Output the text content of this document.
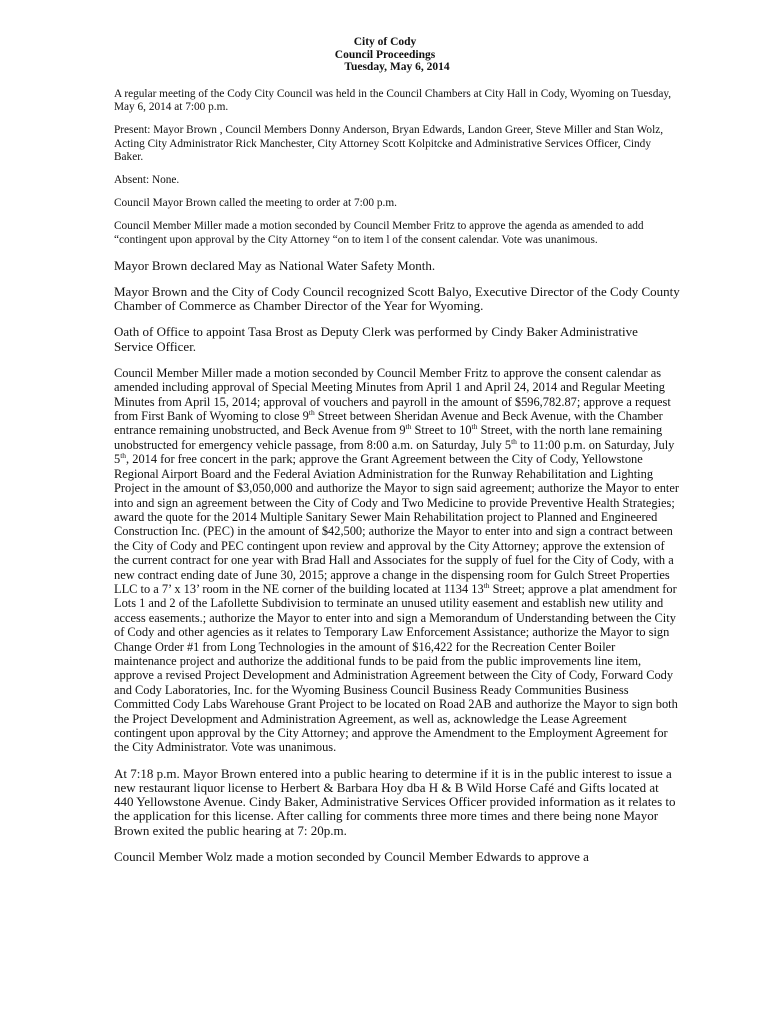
City of Cody
Council Proceedings
Tuesday, May 6, 2014

A regular meeting of the Cody City Council was held in the Council Chambers at City Hall in Cody, Wyoming on Tuesday, May 6, 2014 at 7:00 p.m.

Present: Mayor Brown , Council Members Donny Anderson, Bryan Edwards, Landon Greer, Steve Miller and Stan Wolz, Acting City Administrator Rick Manchester, City Attorney Scott Kolpitcke and Administrative Services Officer, Cindy Baker.

Absent: None.

Council Mayor Brown called the meeting to order at 7:00 p.m.

Council Member Miller made a motion seconded by Council Member Fritz to approve the agenda as amended to add “contingent upon approval by the City Attorney “on to item l of the consent calendar. Vote was unanimous.

Mayor Brown declared May as National Water Safety Month.

Mayor Brown and the City of Cody Council recognized Scott Balyo, Executive Director of the Cody County Chamber of Commerce as Chamber Director of the Year for Wyoming.

Oath of Office to appoint Tasa Brost as Deputy Clerk was performed by Cindy Baker Administrative Service Officer.

Council Member Miller made a motion seconded by Council Member Fritz to approve the consent calendar as amended including approval of Special Meeting Minutes from April 1 and April 24, 2014 and Regular Meeting Minutes from April 15, 2014; approval of vouchers and payroll in the amount of $596,782.87; approve a request from First Bank of Wyoming to close 9th Street between Sheridan Avenue and Beck Avenue, with the Chamber entrance remaining unobstructed, and Beck Avenue from 9th Street to 10th Street, with the north lane remaining unobstructed for emergency vehicle passage, from 8:00 a.m. on Saturday, July 5th to 11:00 p.m. on Saturday, July 5th, 2014 for free concert in the park; approve the Grant Agreement between the City of Cody, Yellowstone Regional Airport Board and the Federal Aviation Administration for the Runway Rehabilitation and Lighting Project in the amount of $3,050,000 and authorize the Mayor to sign said agreement; authorize the Mayor to enter into and sign an agreement between the City of Cody and Two Medicine to provide Preventive Health Strategies; award the quote for the 2014 Multiple Sanitary Sewer Main Rehabilitation project to Planned and Engineered Construction Inc. (PEC) in the amount of $42,500; authorize the Mayor to enter into and sign a contract between the City of Cody and PEC contingent upon review and approval by the City Attorney; approve the extension of the current contract for one year with Brad Hall and Associates for the supply of fuel for the City of Cody, with a new contract ending date of June 30, 2015; approve a change in the dispensing room for Gulch Street Properties LLC to a 7’ x 13’ room in the NE corner of the building located at 1134 13th Street; approve a plat amendment for Lots 1 and 2 of the Lafollette Subdivision to terminate an unused utility easement and establish new utility and access easements.; authorize the Mayor to enter into and sign a Memorandum of Understanding between the City of Cody and other agencies as it relates to Temporary Law Enforcement Assistance; authorize the Mayor to sign Change Order #1 from Long Technologies in the amount of $16,422 for the Recreation Center Boiler maintenance project and authorize the additional funds to be paid from the public improvements line item, approve a revised Project Development and Administration Agreement between the City of Cody, Forward Cody and Cody Laboratories, Inc. for the Wyoming Business Council Business Ready Communities Business Committed Cody Labs Warehouse Grant Project to be located on Road 2AB and authorize the Mayor to sign both the Project Development and Administration Agreement, as well as, acknowledge the Lease Agreement contingent upon approval by the City Attorney; and approve the Amendment to the Employment Agreement for the City Administrator. Vote was unanimous.

At 7:18 p.m. Mayor Brown entered into a public hearing to determine if it is in the public interest to issue a new restaurant liquor license to Herbert & Barbara Hoy dba H & B Wild Horse Café and Gifts located at 440 Yellowstone Avenue. Cindy Baker, Administrative Services Officer provided information as it relates to the application for this license. After calling for comments three more times and there being none Mayor Brown exited the public hearing at 7: 20p.m.

Council Member Wolz made a motion seconded by Council Member Edwards to approve a
